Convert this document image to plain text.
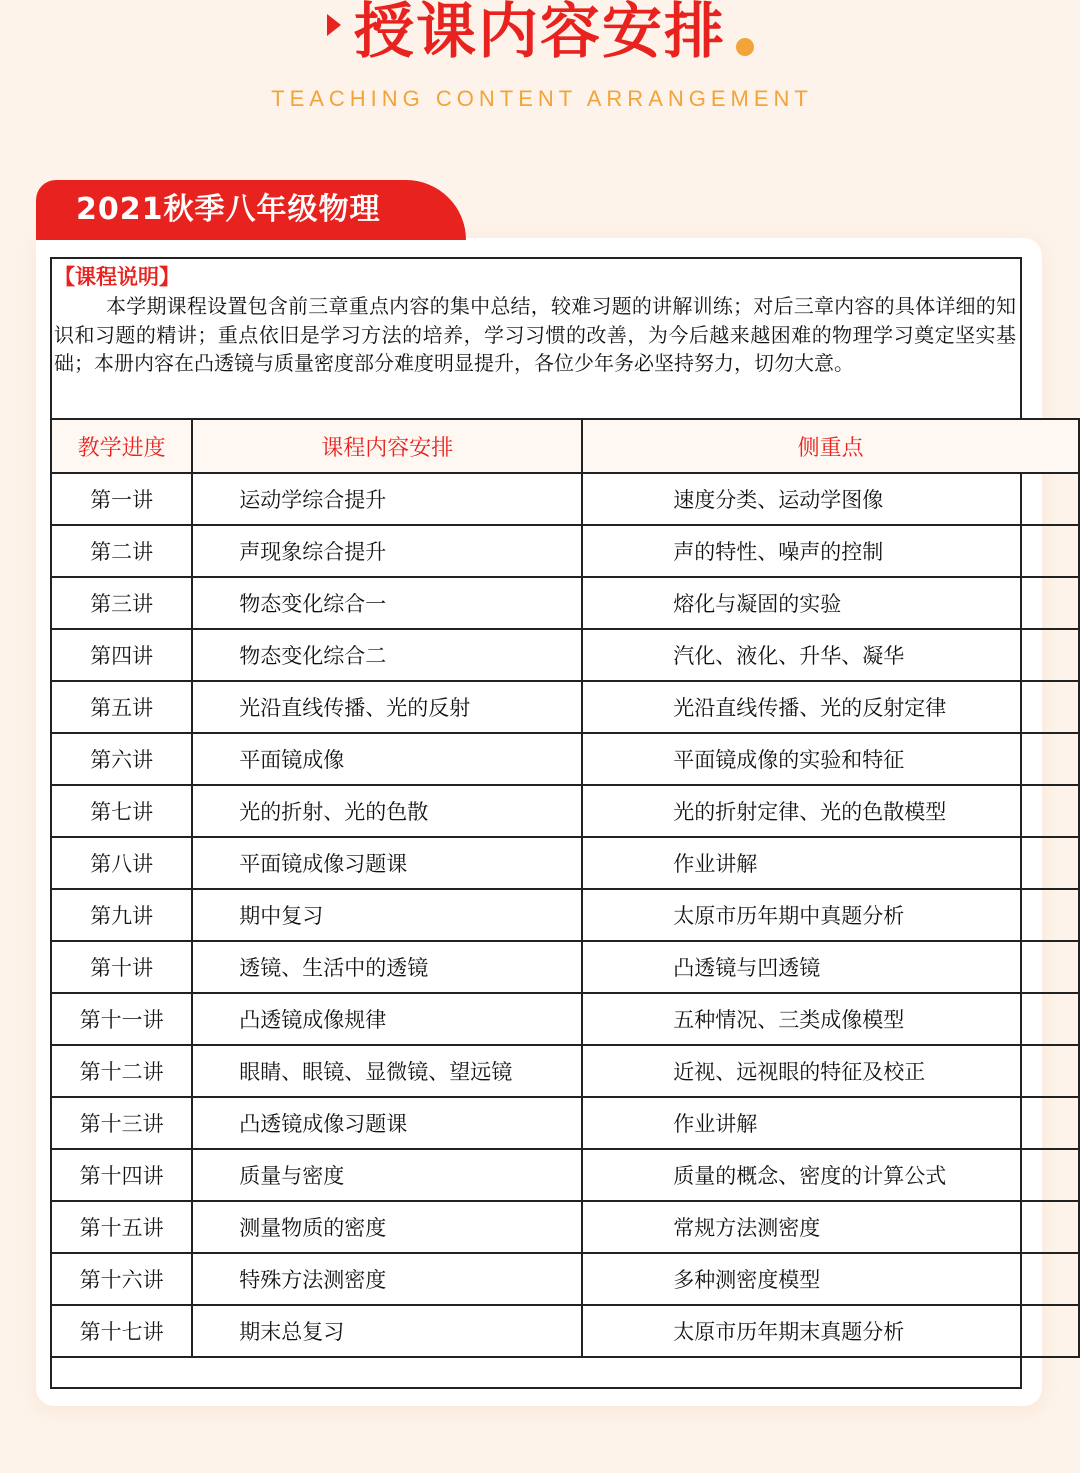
授课内容安排
TEACHING CONTENT ARRANGEMENT
2021秋季八年级物理

【课程说明】

本学期课程设置包含前三章重点内容的集中总结，较难习题的讲解训练；对后三章内容的具体详细的知识和习题的精讲；重点依旧是学习方法的培养，学习习惯的改善，为今后越来越困难的物理学习奠定坚实基础；本册内容在凸透镜与质量密度部分难度明显提升，各位少年务必坚持努力，切勿大意。

教学进度	课程内容安排	侧重点
第一讲	运动学综合提升	速度分类、运动学图像
第二讲	声现象综合提升	声的特性、噪声的控制
第三讲	物态变化综合一	熔化与凝固的实验
第四讲	物态变化综合二	汽化、液化、升华、凝华
第五讲	光沿直线传播、光的反射	光沿直线传播、光的反射定律
第六讲	平面镜成像	平面镜成像的实验和特征
第七讲	光的折射、光的色散	光的折射定律、光的色散模型
第八讲	平面镜成像习题课	作业讲解
第九讲	期中复习	太原市历年期中真题分析
第十讲	透镜、生活中的透镜	凸透镜与凹透镜
第十一讲	凸透镜成像规律	五种情况、三类成像模型
第十二讲	眼睛、眼镜、显微镜、望远镜	近视、远视眼的特征及校正
第十三讲	凸透镜成像习题课	作业讲解
第十四讲	质量与密度	质量的概念、密度的计算公式
第十五讲	测量物质的密度	常规方法测密度
第十六讲	特殊方法测密度	多种测密度模型
第十七讲	期末总复习	太原市历年期末真题分析
